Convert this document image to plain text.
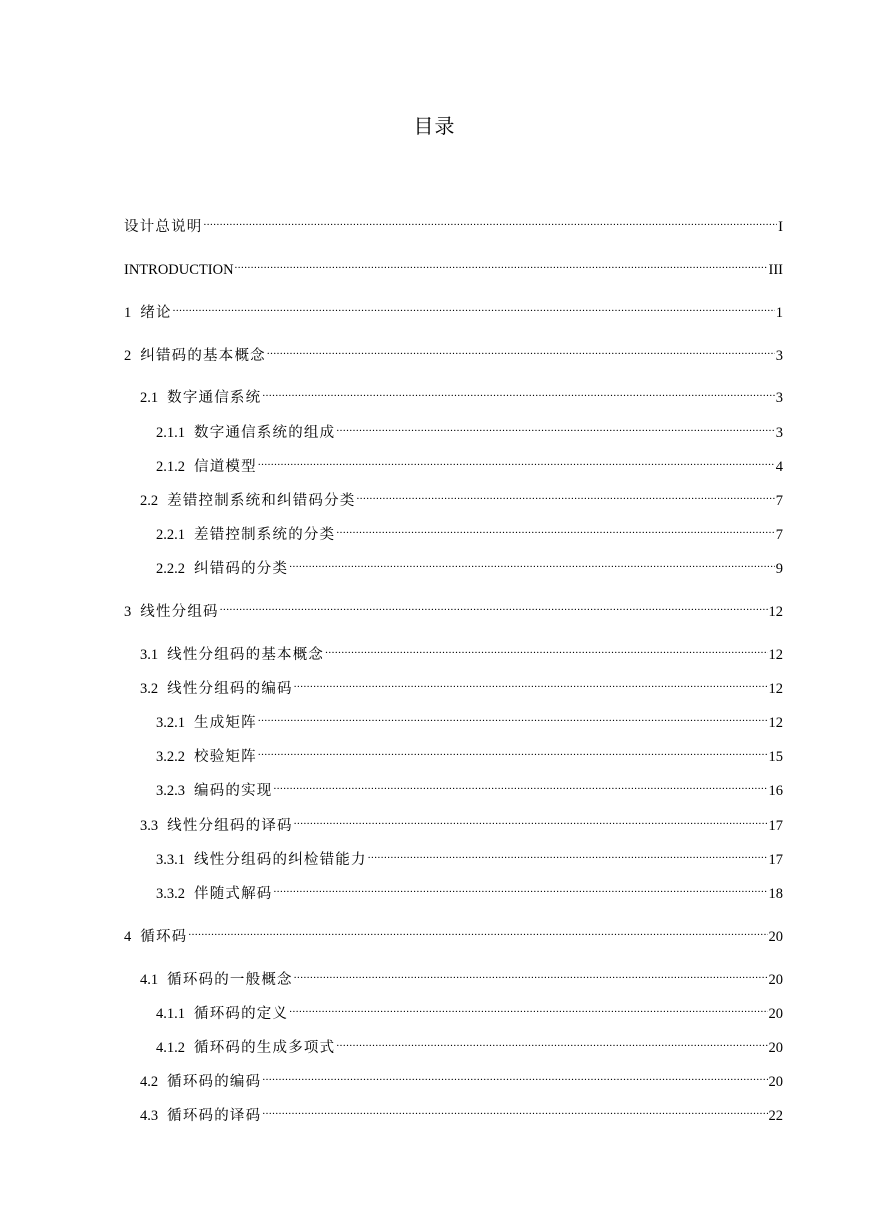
目录
设计总说明 .....	I
INTRODUCTION .....	III
1 绪论 .....	1
2 纠错码的基本概念 .....	3
2.1 数字通信系统 .....	3
2.1.1 数字通信系统的组成 .....	3
2.1.2 信道模型 .....	4
2.2 差错控制系统和纠错码分类 .....	7
2.2.1 差错控制系统的分类 .....	7
2.2.2 纠错码的分类 .....	9
3 线性分组码 .....	12
3.1 线性分组码的基本概念 .....	12
3.2 线性分组码的编码 .....	12
3.2.1 生成矩阵 .....	12
3.2.2 校验矩阵 .....	15
3.2.3 编码的实现 .....	16
3.3 线性分组码的译码 .....	17
3.3.1 线性分组码的纠检错能力 .....	17
3.3.2 伴随式解码 .....	18
4 循环码 .....	20
4.1 循环码的一般概念 .....	20
4.1.1 循环码的定义 .....	20
4.1.2 循环码的生成多项式 .....	20
4.2 循环码的编码 .....	20
4.3 循环码的译码 .....	22
